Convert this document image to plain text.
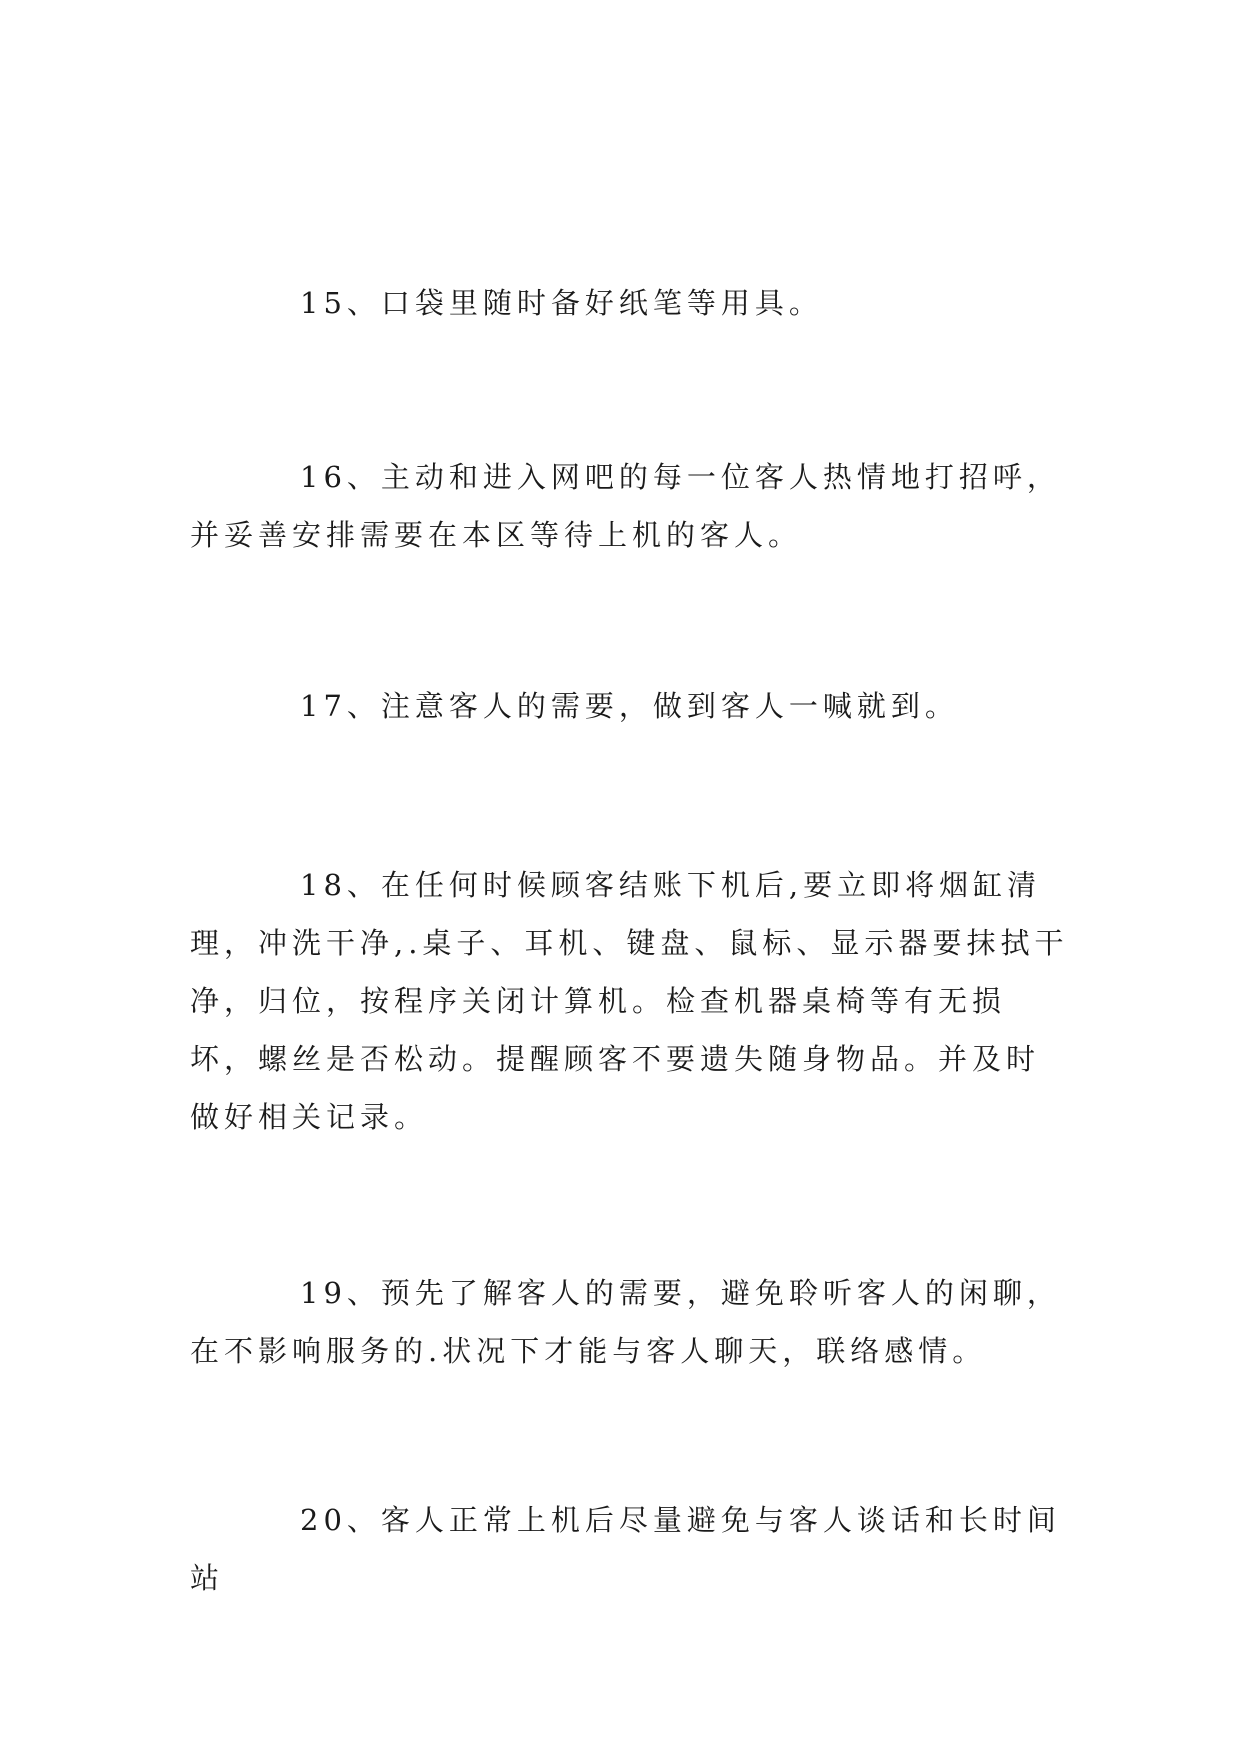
15、口袋里随时备好纸笔等用具。

16、主动和进入网吧的每一位客人热情地打招呼，并妥善安排需要在本区等待上机的客人。

17、注意客人的需要，做到客人一喊就到。

18、在任何时候顾客结账下机后,要立即将烟缸清理，冲洗干净,.桌子、耳机、键盘、鼠标、显示器要抹拭干净，归位，按程序关闭计算机。检查机器桌椅等有无损坏，螺丝是否松动。提醒顾客不要遗失随身物品。并及时做好相关记录。

19、预先了解客人的需要，避免聆听客人的闲聊，在不影响服务的.状况下才能与客人聊天，联络感情。

20、客人正常上机后尽量避免与客人谈话和长时间站
